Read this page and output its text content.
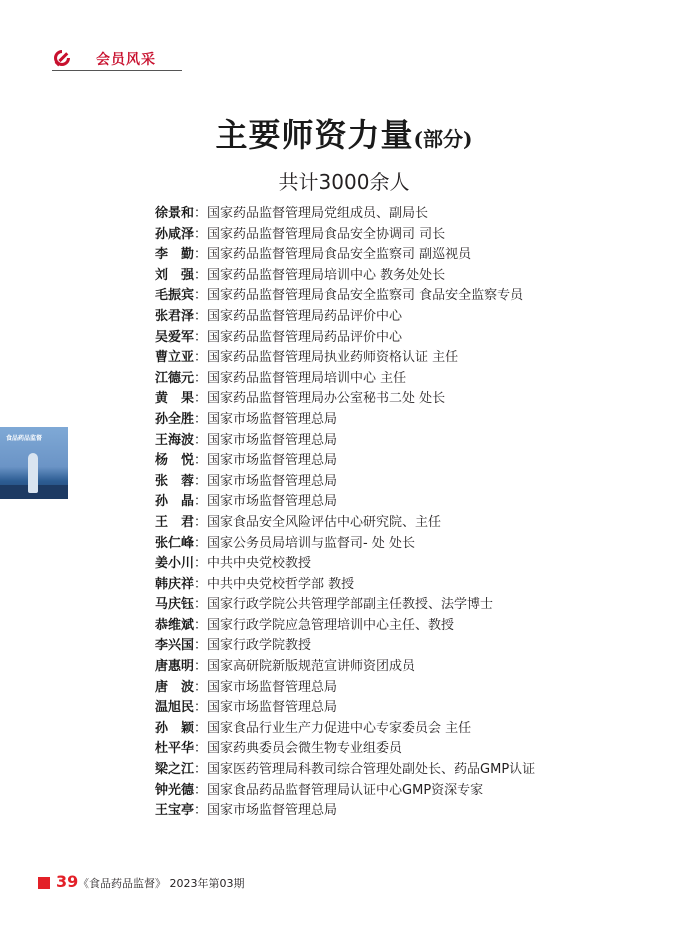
会员风采
主要师资力量(部分)
共计3000余人
食品药品监督
徐景和：国家药品监督管理局党组成员、副局长
孙咸泽：国家药品监督管理局食品安全协调司 司长
李　勤：国家药品监督管理局食品安全监察司 副巡视员
刘　强：国家药品监督管理局培训中心 教务处处长
毛振宾：国家药品监督管理局食品安全监察司 食品安全监察专员
张君泽：国家药品监督管理局药品评价中心
吴爱军：国家药品监督管理局药品评价中心
曹立亚：国家药品监督管理局执业药师资格认证 主任
江德元：国家药品监督管理局培训中心 主任
黄　果：国家药品监督管理局办公室秘书二处 处长
孙全胜：国家市场监督管理总局
王海波：国家市场监督管理总局
杨　悦：国家市场监督管理总局
张　蓉：国家市场监督管理总局
孙　晶：国家市场监督管理总局
王　君：国家食品安全风险评估中心研究院、主任
张仁峰：国家公务员局培训与监督司- 处 处长
姜小川：中共中央党校教授
韩庆祥：中共中央党校哲学部 教授
马庆钰：国家行政学院公共管理学部副主任教授、法学博士
恭维斌：国家行政学院应急管理培训中心主任、教授
李兴国：国家行政学院教授
唐惠明：国家高研院新版规范宣讲师资团成员
唐　波：国家市场监督管理总局
温旭民：国家市场监督管理总局
孙　颖：国家食品行业生产力促进中心专家委员会 主任
杜平华：国家药典委员会微生物专业组委员
梁之江：国家医药管理局科教司综合管理处副处长、药品GMP认证
钟光德：国家食品药品监督管理局认证中心GMP资深专家
王宝亭：国家市场监督管理总局
39 《食品药品监督》 2023年第03期
